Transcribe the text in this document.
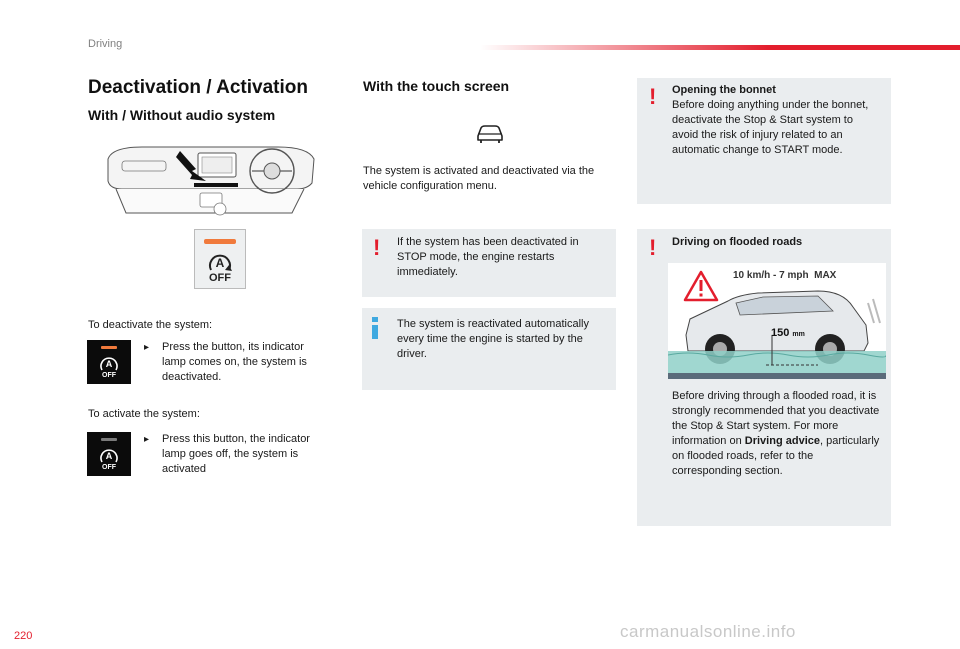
Driving
Deactivation / Activation
With / Without audio system
A
OFF
To deactivate the system:
A
OFF
▸ Press the button, its indicator lamp comes on, the system is deactivated.
To activate the system:
A
OFF
▸ Press this button, the indicator lamp goes off, the system is activated
With the touch screen
The system is activated and deactivated via the vehicle configuration menu.
! If the system has been deactivated in STOP mode, the engine restarts immediately.
The system is reactivated automatically every time the engine is started by the driver.
! Opening the bonnet
Before doing anything under the bonnet, deactivate the Stop & Start system to avoid the risk of injury related to an automatic change to START mode.
! Driving on flooded roads
10 km/h - 7 mph  MAX
150 mm
Before driving through a flooded road, it is strongly recommended that you deactivate the Stop & Start system. For more information on Driving advice, particularly on flooded roads, refer to the corresponding section.
220	carmanualsonline.info
